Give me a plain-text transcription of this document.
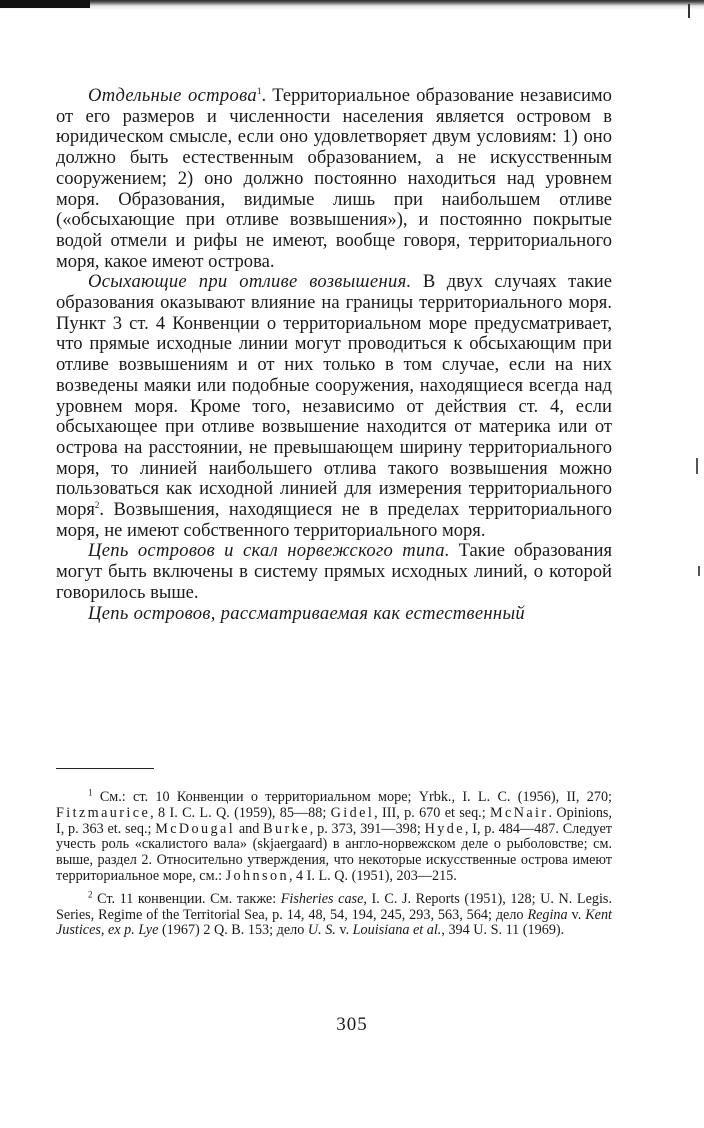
Отдельные острова$^1$. Территориальное образование независимо от его размеров и численности населения является островом в юридическом смысле, если оно удовлетворяет двум условиям: 1) оно должно быть естественным образованием, а не искусственным сооружением; 2) оно должно постоянно находиться над уровнем моря. Образования, видимые лишь при наибольшем отливе («обсыхающие при отливе возвышения»), и постоянно покрытые водой отмели и рифы не имеют, вообще говоря, территориального моря, какое имеют острова.

Осыхающие при отливе возвышения. В двух случаях такие образования оказывают влияние на границы территориального моря. Пункт 3 ст. 4 Конвенции о территориальном море предусматривает, что прямые исходные линии могут проводиться к обсыхающим при отливе возвышениям и от них только в том случае, если на них возведены маяки или подобные сооружения, находящиеся всегда над уровнем моря. Кроме того, независимо от действия ст. 4, если обсыхающее при отливе возвышение находится от материка или от острова на расстоянии, не превышающем ширину территориального моря, то линией наибольшего отлива такого возвышения можно пользоваться как исходной линией для измерения территориального моря$^2$. Возвышения, находящиеся не в пределах территориального моря, не имеют собственного территориального моря.

Цепь островов и скал норвежского типа. Такие образования могут быть включены в систему прямых исходных линий, о которой говорилось выше.

Цепь островов, рассматриваемая как естественный

$^1$ См.: ст. 10 Конвенции о территориальном море; Yrbk., I. L. C. (1956), II, 270; Fitzmaurice, 8 I. C. L. Q. (1959), 85—88; Gidel, III, p. 670 et seq.; McNair. Opinions, I, p. 363 et. seq.; McDougal and Burke, p. 373, 391—398; Hyde, I, p. 484—487. Следует учесть роль «скалистого вала» (skjaergaard) в англо-норвежском деле о рыболовстве; см. выше, раздел 2. Относительно утверждения, что некоторые искусственные острова имеют территориальное море, см.: Johnson, 4 I. L. Q. (1951), 203—215.

$^2$ Ст. 11 конвенции. См. также: Fisheries case, I. C. J. Reports (1951), 128; U. N. Legis. Series, Regime of the Territorial Sea, p. 14, 48, 54, 194, 245, 293, 563, 564; дело Regina v. Kent Justices, ex p. Lye (1967) 2 Q. B. 153; дело U. S. v. Louisiana et al., 394 U. S. 11 (1969).

305
